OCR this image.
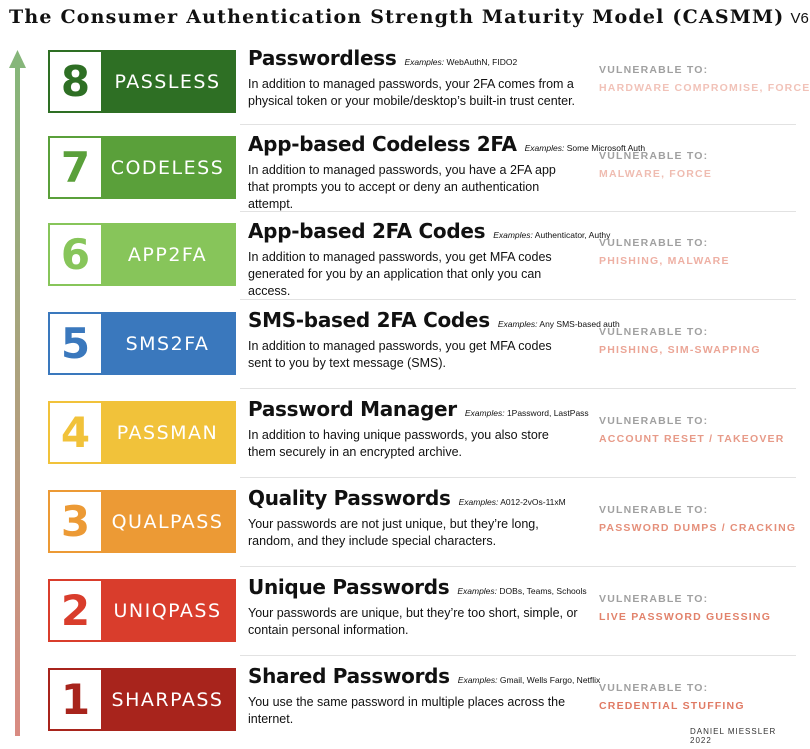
The Consumer Authentication Strength Maturity Model (CASMM) V6
8	PASSLESS
Passwordless Examples: WebAuthN, FIDO2
In addition to managed passwords, your 2FA comes from a physical token or your mobile/desktop’s built-in trust center.
VULNERABLE TO:
HARDWARE COMPROMISE, FORCE
7	CODELESS
App-based Codeless 2FA Examples: Some Microsoft Auth
In addition to managed passwords, you have a 2FA app that prompts you to accept or deny an authentication attempt.
VULNERABLE TO:
MALWARE, FORCE
6	APP2FA
App-based 2FA Codes Examples: Authenticator, Authy
In addition to managed passwords, you get MFA codes generated for you by an application that only you can access.
VULNERABLE TO:
PHISHING, MALWARE
5	SMS2FA
SMS-based 2FA Codes Examples: Any SMS-based auth
In addition to managed passwords, you get MFA codes sent to you by text message (SMS).
VULNERABLE TO:
PHISHING, SIM-SWAPPING
4	PASSMAN
Password Manager Examples: 1Password, LastPass
In addition to having unique passwords, you also store them securely in an encrypted archive.
VULNERABLE TO:
ACCOUNT RESET / TAKEOVER
3	QUALPASS
Quality Passwords Examples: A012-2vOs-11xM
Your passwords are not just unique, but they’re long, random, and they include special characters.
VULNERABLE TO:
PASSWORD DUMPS / CRACKING
2	UNIQPASS
Unique Passwords Examples: DOBs, Teams, Schools
Your passwords are unique, but they’re too short, simple, or contain personal information.
VULNERABLE TO:
LIVE PASSWORD GUESSING
1	SHARPASS
Shared Passwords Examples: Gmail, Wells Fargo, Netflix
You use the same password in multiple places across the internet.
VULNERABLE TO:
CREDENTIAL STUFFING
DANIEL MIESSLER 2022
